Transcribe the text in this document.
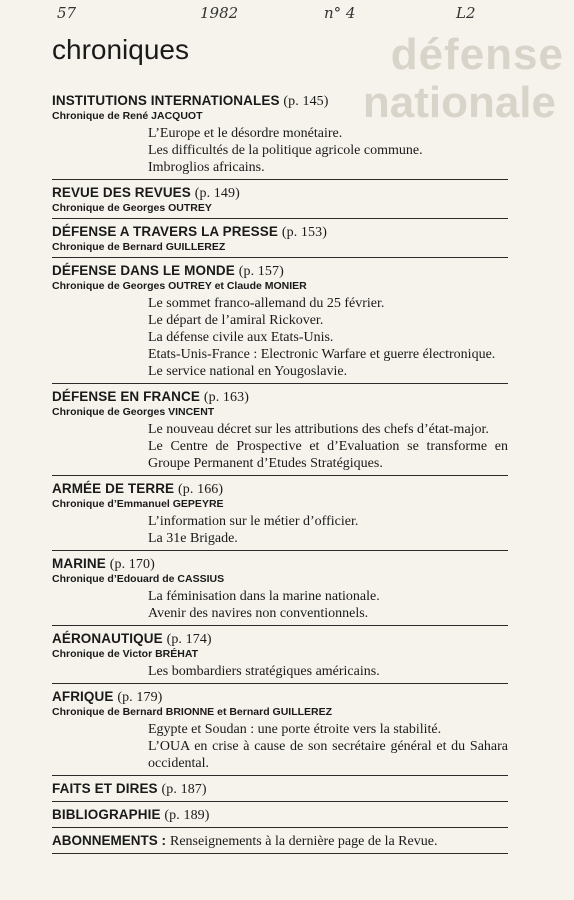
défense
nationale
57	1982	n° 4	L2
chroniques
INSTITUTIONS INTERNATIONALES (p. 145)
Chronique de René JACQUOT
L’Europe et le désordre monétaire.
Les difficultés de la politique agricole commune.
Imbroglios africains.
REVUE DES REVUES (p. 149)
Chronique de Georges OUTREY
DÉFENSE A TRAVERS LA PRESSE (p. 153)
Chronique de Bernard GUILLEREZ
DÉFENSE DANS LE MONDE (p. 157)
Chronique de Georges OUTREY et Claude MONIER
Le sommet franco-allemand du 25 février.
Le départ de l’amiral Rickover.
La défense civile aux Etats-Unis.
Etats-Unis-France : Electronic Warfare et guerre électronique.
Le service national en Yougoslavie.
DÉFENSE EN FRANCE (p. 163)
Chronique de Georges VINCENT
Le nouveau décret sur les attributions des chefs d’état-major.
Le Centre de Prospective et d’Evaluation se transforme en Groupe Permanent d’Etudes Stratégiques.
ARMÉE DE TERRE (p. 166)
Chronique d’Emmanuel GEPEYRE
L’information sur le métier d’officier.
La 31e Brigade.
MARINE (p. 170)
Chronique d’Edouard de CASSIUS
La féminisation dans la marine nationale.
Avenir des navires non conventionnels.
AÉRONAUTIQUE (p. 174)
Chronique de Victor BRÉHAT
Les bombardiers stratégiques américains.
AFRIQUE (p. 179)
Chronique de Bernard BRIONNE et Bernard GUILLEREZ
Egypte et Soudan : une porte étroite vers la stabilité.
L’OUA en crise à cause de son secrétaire général et du Sahara occidental.
FAITS ET DIRES (p. 187)
BIBLIOGRAPHIE (p. 189)
ABONNEMENTS : Renseignements à la dernière page de la Revue.
